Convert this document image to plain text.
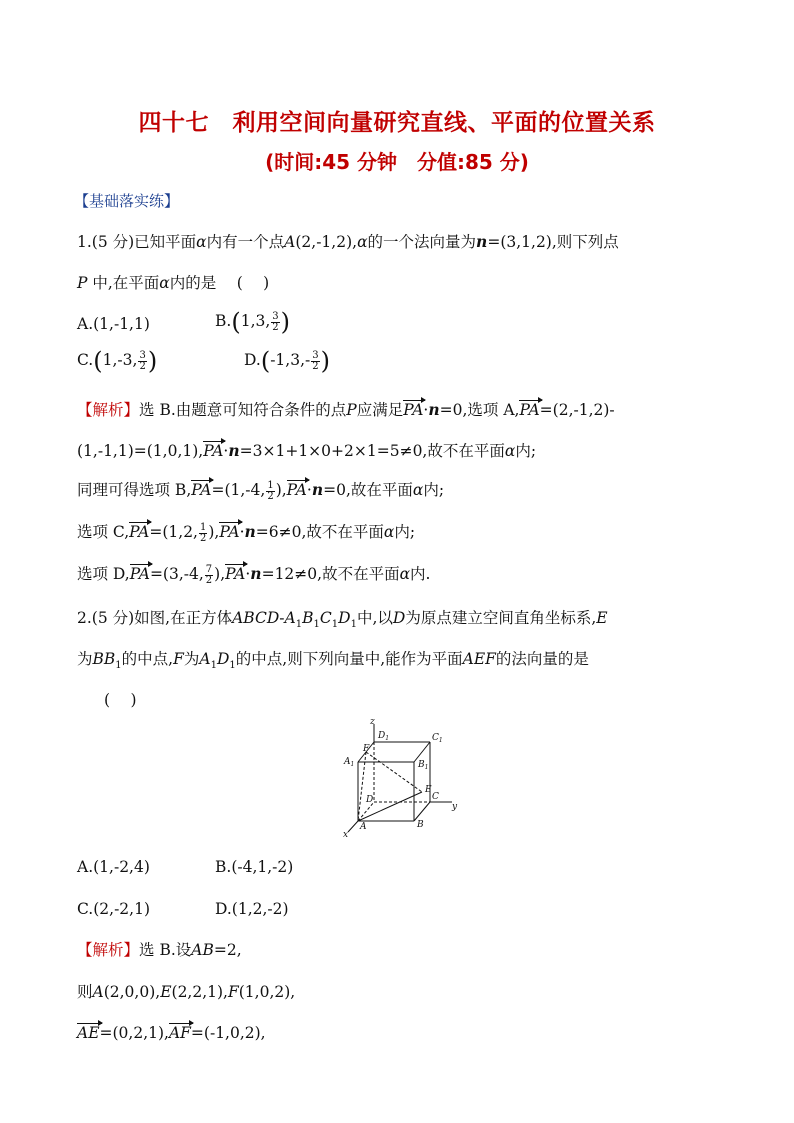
四十七　利用空间向量研究直线、平面的位置关系
(时间:45 分钟　分值:85 分)
【基础落实练】
1.(5 分)已知平面α内有一个点A(2,-1,2),α的一个法向量为n=(3,1,2),则下列点
P 中,在平面α内的是　 (　 )
A.(1,-1,1)	B.(1,3, $\frac{3}{2}$ )
C.(1,-3, $\frac{3}{2}$ )	$D.(-1,3,- \frac{3}{2}$ )
【解析】选 B.由题意可知符合条件的点P应满足PA·n=0,选项 A,PA=(2,-1,2)-
(1,-1,1)=(1,0,1),PA·n=3×1+1×0+2×1=5≠0,故不在平面α内;
同理可得选项 B,PA=(1,-4, $\frac{1}{2} ),PA\cdot n=0$,故在平面α内;
选项 C,PA=(1,2, $\frac{1}{2} ),PA\cdot n=6\ne 0$,故不在平面α内;
选项 D,PA=(3,-4, $\frac{7}{2} ),PA\cdot n=12\ne 0$,故不在平面α内.
2.(5 分)如图,在正方体ABCD-$A_1B_1C_1D_1$中,以D为原点建立空间直角坐标系,E
为$BB_1$的中点,F为$A_1D_1$的中点,则下列向量中,能作为平面AEF的法向量的是
(　 )
z
$D_1$	$C_1$
F
$A_1$	$B_1$
E
D	C
y
A	B
x
A.(1,-2,4)	B.(-4,1,-2)
C.(2,-2,1)	D.(1,2,-2)
【解析】选 B.设AB=2,
则A(2,0,0),E(2,2,1),F(1,0,2),
AE=(0,2,1),AF=(-1,0,2),
